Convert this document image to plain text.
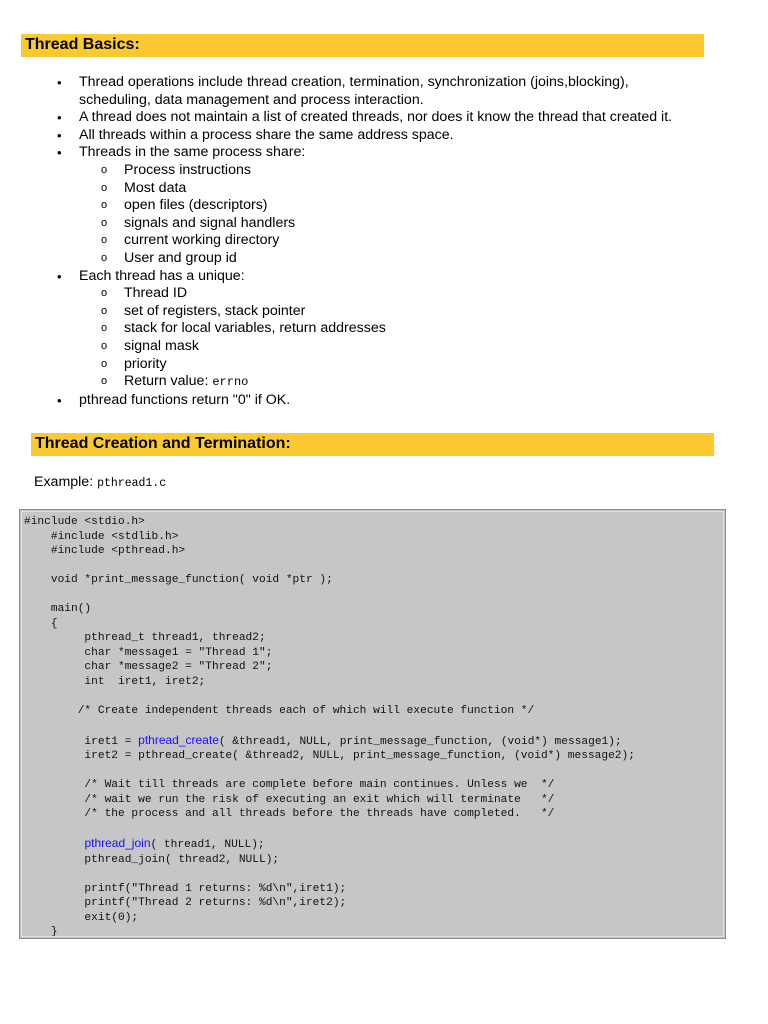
Thread Basics:
• Thread operations include thread creation, termination, synchronization (joins,blocking),
scheduling, data management and process interaction.
• A thread does not maintain a list of created threads, nor does it know the thread that created it.
• All threads within a process share the same address space.
• Threads in the same process share:
o Process instructions
o Most data
o open files (descriptors)
o signals and signal handlers
o current working directory
o User and group id
• Each thread has a unique:
o Thread ID
o set of registers, stack pointer
o stack for local variables, return addresses
o signal mask
o priority
o Return value: errno
• pthread functions return "0" if OK.
Thread Creation and Termination:
Example: pthread1.c
#include <stdio.h>
#include <stdlib.h>
#include <pthread.h>

void *print_message_function( void *ptr );

main()
{
pthread_t thread1, thread2;
char *message1 = "Thread 1";
char *message2 = "Thread 2";
int  iret1, iret2;

/* Create independent threads each of which will execute function */

iret1 = pthread_create( &thread1, NULL, print_message_function, (void*) message1);
iret2 = pthread_create( &thread2, NULL, print_message_function, (void*) message2);

/* Wait till threads are complete before main continues. Unless we  */
/* wait we run the risk of executing an exit which will terminate   */
/* the process and all threads before the threads have completed.   */

pthread_join( thread1, NULL);
pthread_join( thread2, NULL);

printf("Thread 1 returns: %d\n",iret1);
printf("Thread 2 returns: %d\n",iret2);
exit(0);
}
